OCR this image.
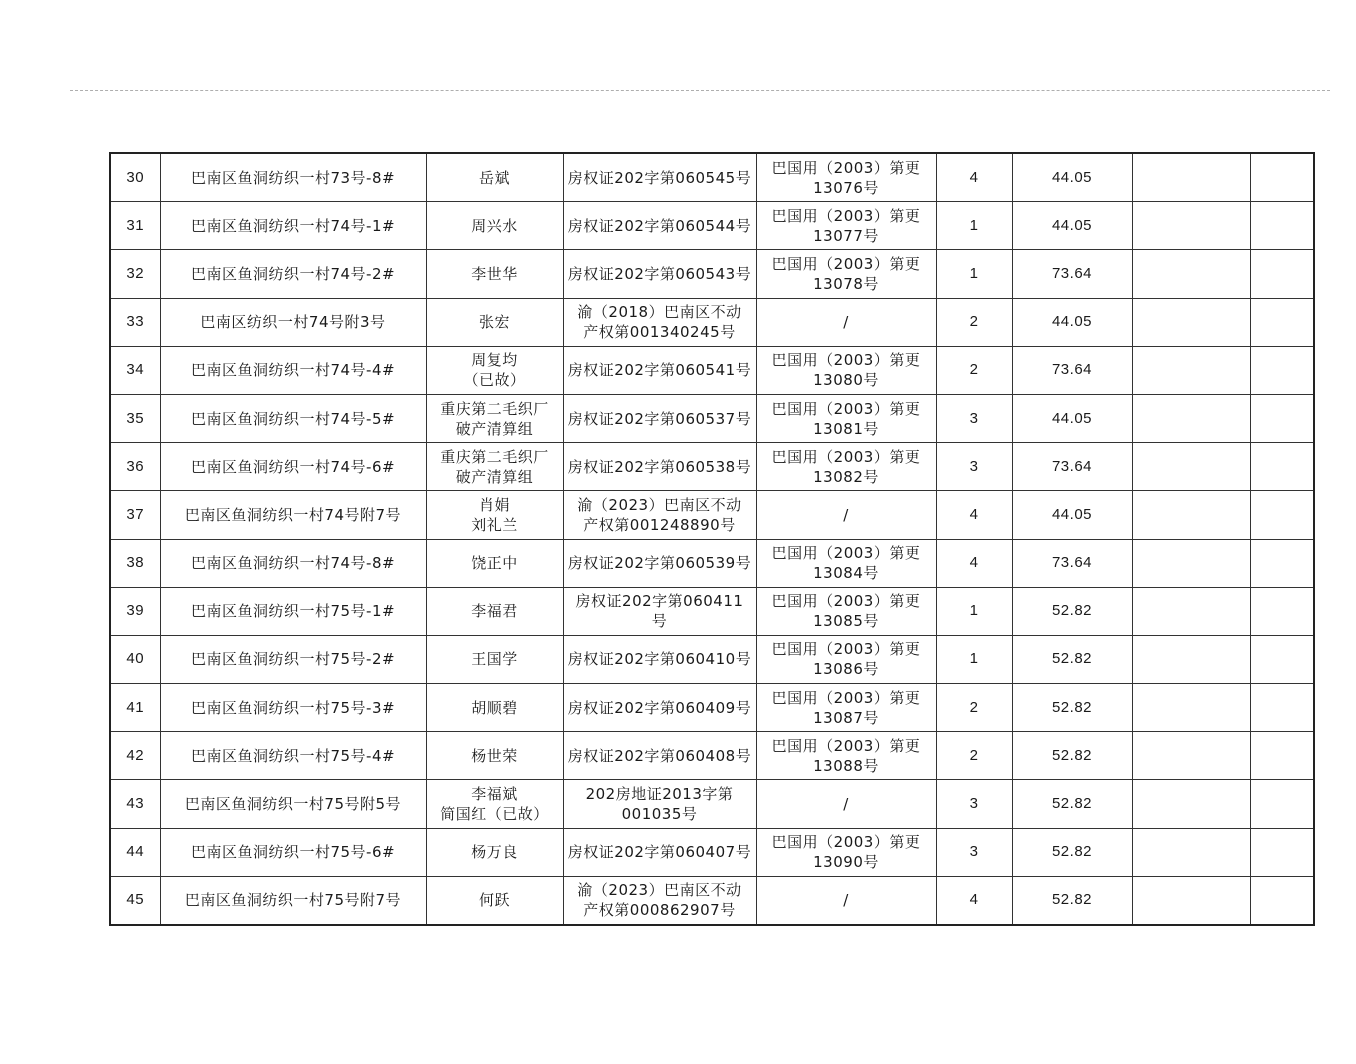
30	巴南区鱼洞纺织一村73号-8#	岳斌	房权证202字第060545号	巴国用（2003）第更
13076号	4	44.05		
31	巴南区鱼洞纺织一村74号-1#	周兴水	房权证202字第060544号	巴国用（2003）第更
13077号	1	44.05		
32	巴南区鱼洞纺织一村74号-2#	李世华	房权证202字第060543号	巴国用（2003）第更
13078号	1	73.64		
33	巴南区纺织一村74号附3号	张宏	渝（2018）巴南区不动
产权第001340245号	/	2	44.05		
34	巴南区鱼洞纺织一村74号-4#	周复均
（已故）	房权证202字第060541号	巴国用（2003）第更
13080号	2	73.64		
35	巴南区鱼洞纺织一村74号-5#	重庆第二毛织厂
破产清算组	房权证202字第060537号	巴国用（2003）第更
13081号	3	44.05		
36	巴南区鱼洞纺织一村74号-6#	重庆第二毛织厂
破产清算组	房权证202字第060538号	巴国用（2003）第更
13082号	3	73.64		
37	巴南区鱼洞纺织一村74号附7号	肖娟
刘礼兰	渝（2023）巴南区不动
产权第001248890号	/	4	44.05		
38	巴南区鱼洞纺织一村74号-8#	饶正中	房权证202字第060539号	巴国用（2003）第更
13084号	4	73.64		
39	巴南区鱼洞纺织一村75号-1#	李福君	房权证202字第060411
号	巴国用（2003）第更
13085号	1	52.82		
40	巴南区鱼洞纺织一村75号-2#	王国学	房权证202字第060410号	巴国用（2003）第更
13086号	1	52.82		
41	巴南区鱼洞纺织一村75号-3#	胡顺碧	房权证202字第060409号	巴国用（2003）第更
13087号	2	52.82		
42	巴南区鱼洞纺织一村75号-4#	杨世荣	房权证202字第060408号	巴国用（2003）第更
13088号	2	52.82		
43	巴南区鱼洞纺织一村75号附5号	李福斌
简国红（已故）	202房地证2013字第
001035号	/	3	52.82		
44	巴南区鱼洞纺织一村75号-6#	杨万良	房权证202字第060407号	巴国用（2003）第更
13090号	3	52.82		
45	巴南区鱼洞纺织一村75号附7号	何跃	渝（2023）巴南区不动
产权第000862907号	/	4	52.82		
